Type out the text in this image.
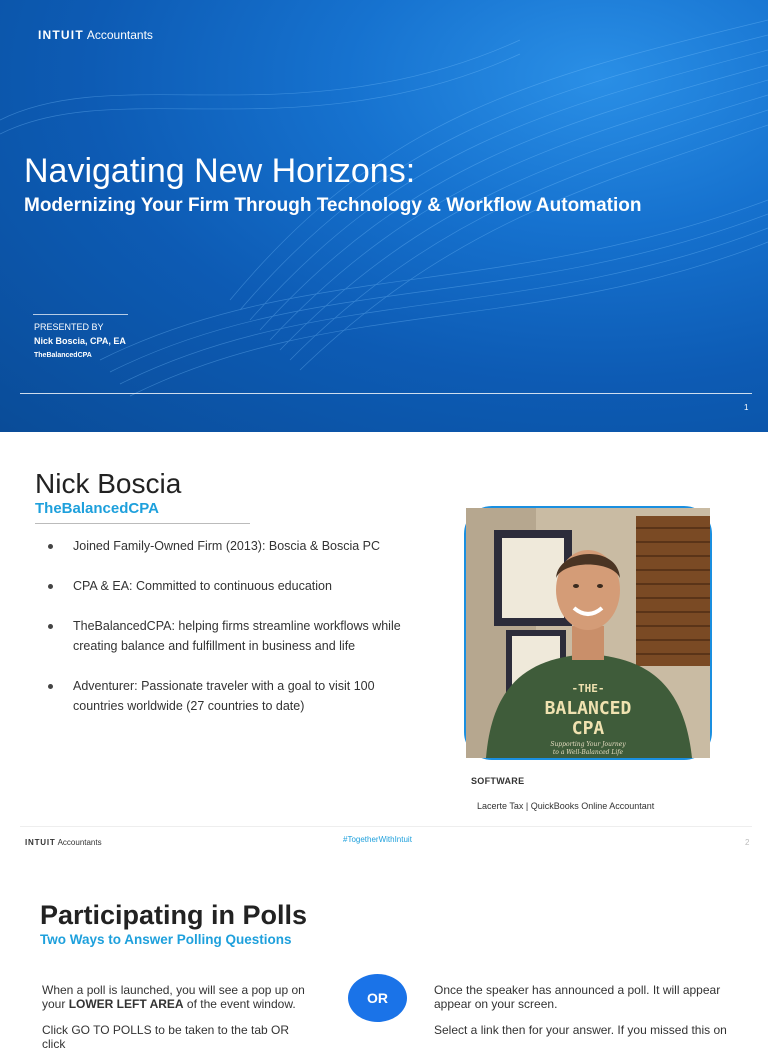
INTUIT Accountants
Navigating New Horizons:
Modernizing Your Firm Through Technology & Workflow Automation
PRESENTED BY
Nick Boscia, CPA, EA
TheBalancedCPA
1
Nick Boscia
TheBalancedCPA
Joined Family-Owned Firm (2013): Boscia & Boscia PC
CPA & EA: Committed to continuous education
TheBalancedCPA: helping firms streamline workflows while creating balance and fulfillment in business and life
Adventurer: Passionate traveler with a goal to visit 100 countries worldwide (27 countries to date)
-THE-
BALANCED
CPA
Supporting Your Journey
to a Well-Balanced Life
SOFTWARE
Lacerte Tax | QuickBooks Online Accountant
INTUIT Accountants	#TogetherWithIntuit	2
Participating in Polls
Two Ways to Answer Polling Questions

When a poll is launched, you will see a pop up on your LOWER LEFT AREA of the event window.

Click GO TO POLLS to be taken to the tab OR click

OR	Once the speaker has announced a poll. It will appear appear on your screen.

Select a link then for your answer. If you missed this on
